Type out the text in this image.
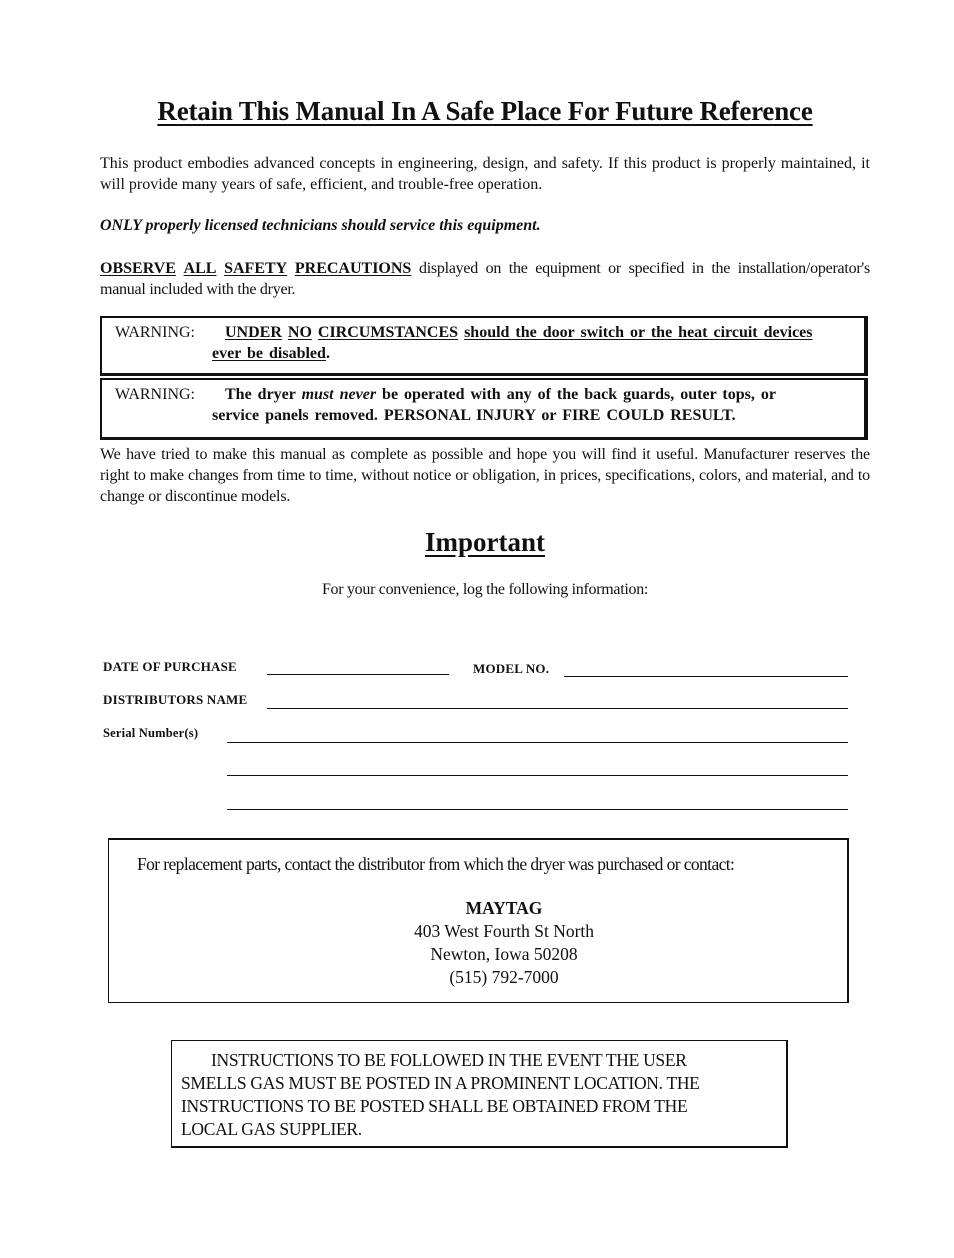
Retain This Manual In A Safe Place For Future Reference
This product embodies advanced concepts in engineering, design, and safety. If this product is properly maintained, it will provide many years of safe, efficient, and trouble-free operation.
ONLY properly licensed technicians should service this equipment.
OBSERVE ALL SAFETY PRECAUTIONS displayed on the equipment or specified in the installation/operator's manual included with the dryer.
WARNING:	UNDER NO CIRCUMSTANCES should the door switch or the heat circuit devices
ever be disabled.
WARNING:	The dryer must never be operated with any of the back guards, outer tops, or
service panels removed. PERSONAL INJURY or FIRE COULD RESULT.
We have tried to make this manual as complete as possible and hope you will find it useful. Manufacturer reserves the right to make changes from time to time, without notice or obligation, in prices, specifications, colors, and material, and to change or discontinue models.
Important
For your convenience, log the following information:
DATE OF PURCHASE	MODEL NO.
DISTRIBUTORS NAME
Serial Number(s)
For replacement parts, contact the distributor from which the dryer was purchased or contact:
MAYTAG
403 West Fourth St North
Newton, Iowa 50208
(515) 792-7000

INSTRUCTIONS TO BE FOLLOWED IN THE EVENT THE USER
SMELLS GAS MUST BE POSTED IN A PROMINENT LOCATION. THE
INSTRUCTIONS TO BE POSTED SHALL BE OBTAINED FROM THE
LOCAL GAS SUPPLIER.
